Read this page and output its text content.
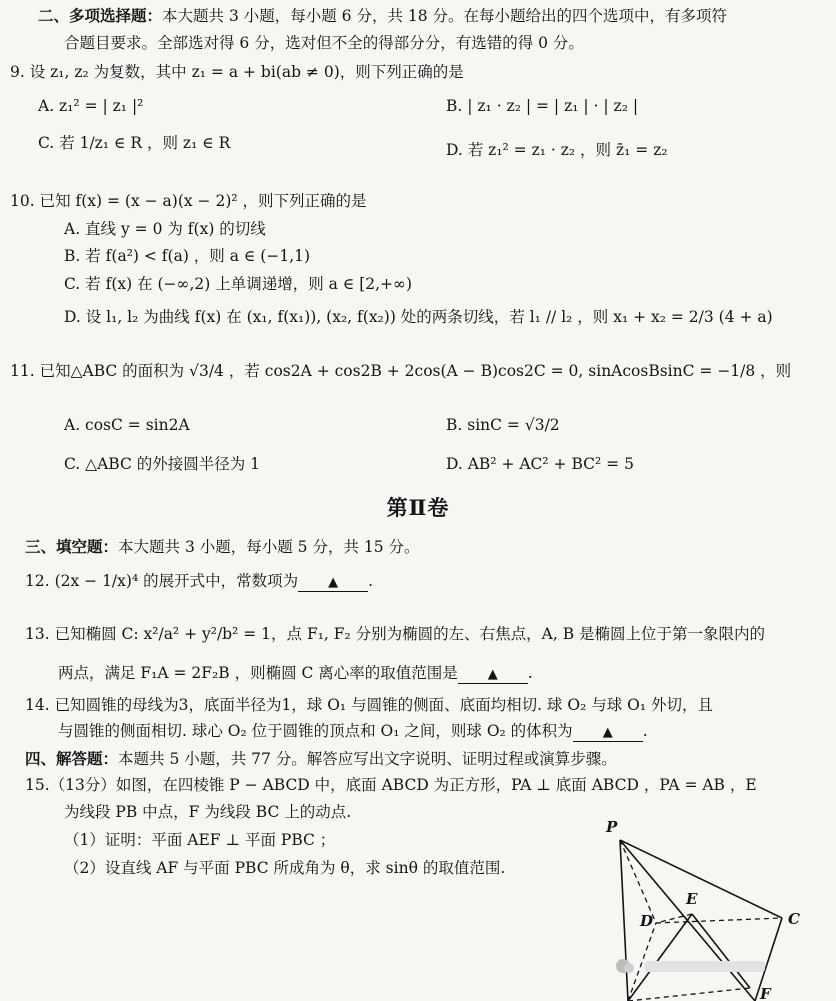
二、多项选择题：本大题共 3 小题，每小题 6 分，共 18 分。在每小题给出的四个选项中，有多项符
合题目要求。全部选对得 6 分，选对但不全的得部分分，有选错的得 0 分。
9. 设 z₁, z₂ 为复数，其中 z₁ = a + bi(ab ≠ 0)，则下列正确的是
A. z₁² = | z₁ |²	B. | z₁ · z₂ | = | z₁ | · | z₂ |
C. 若 1/z₁ ∈ R ，则 z₁ ∈ R	D. 若 z₁² = z₁ · z₂ ，则 z̄₁ = z₂
10. 已知 f(x) = (x − a)(x − 2)² ，则下列正确的是
A. 直线 y = 0 为 f(x) 的切线
B. 若 f(a²) < f(a) ，则 a ∈ (−1,1)
C. 若 f(x) 在 (−∞,2) 上单调递增，则 a ∈ [2,+∞)
D. 设 l₁, l₂ 为曲线 f(x) 在 (x₁, f(x₁)), (x₂, f(x₂)) 处的两条切线，若 l₁ // l₂ ，则 x₁ + x₂ = 2/3 (4 + a)
11. 已知△ABC 的面积为 √3/4 ，若 cos2A + cos2B + 2cos(A − B)cos2C = 0, sinAcosBsinC = −1/8 ，则
A. cosC = sin2A	B. sinC = √3/2
C. △ABC 的外接圆半径为 1	D. AB² + AC² + BC² = 5
三、填空题：本大题共 3 小题，每小题 5 分，共 15 分。
12. (2x − 1/x)⁴ 的展开式中，常数项为 ▲ .
13. 已知椭圆 C: x²/a² + y²/b² = 1，点 F₁, F₂ 分别为椭圆的左、右焦点，A, B 是椭圆上位于第一象限内的
两点，满足 F₁A = 2F₂B ，则椭圆 C 离心率的取值范围是 ▲ .
14. 已知圆锥的母线为3，底面半径为1，球 O₁ 与圆锥的侧面、底面均相切. 球 O₂ 与球 O₁ 外切，且
与圆锥的侧面相切. 球心 O₂ 位于圆锥的顶点和 O₁ 之间，则球 O₂ 的体积为 ▲ .
四、解答题：本题共 5 小题，共 77 分。解答应写出文字说明、证明过程或演算步骤。
15.（13分）如图，在四棱锥 P − ABCD 中，底面 ABCD 为正方形，PA ⊥ 底面 ABCD ，PA = AB ，E
为线段 PB 中点，F 为线段 BC 上的动点.
（1）证明：平面 AEF ⊥ 平面 PBC ；
（2）设直线 AF 与平面 PBC 所成角为 θ，求 sinθ 的取值范围.
第Ⅱ卷
P
E
D	C
F
